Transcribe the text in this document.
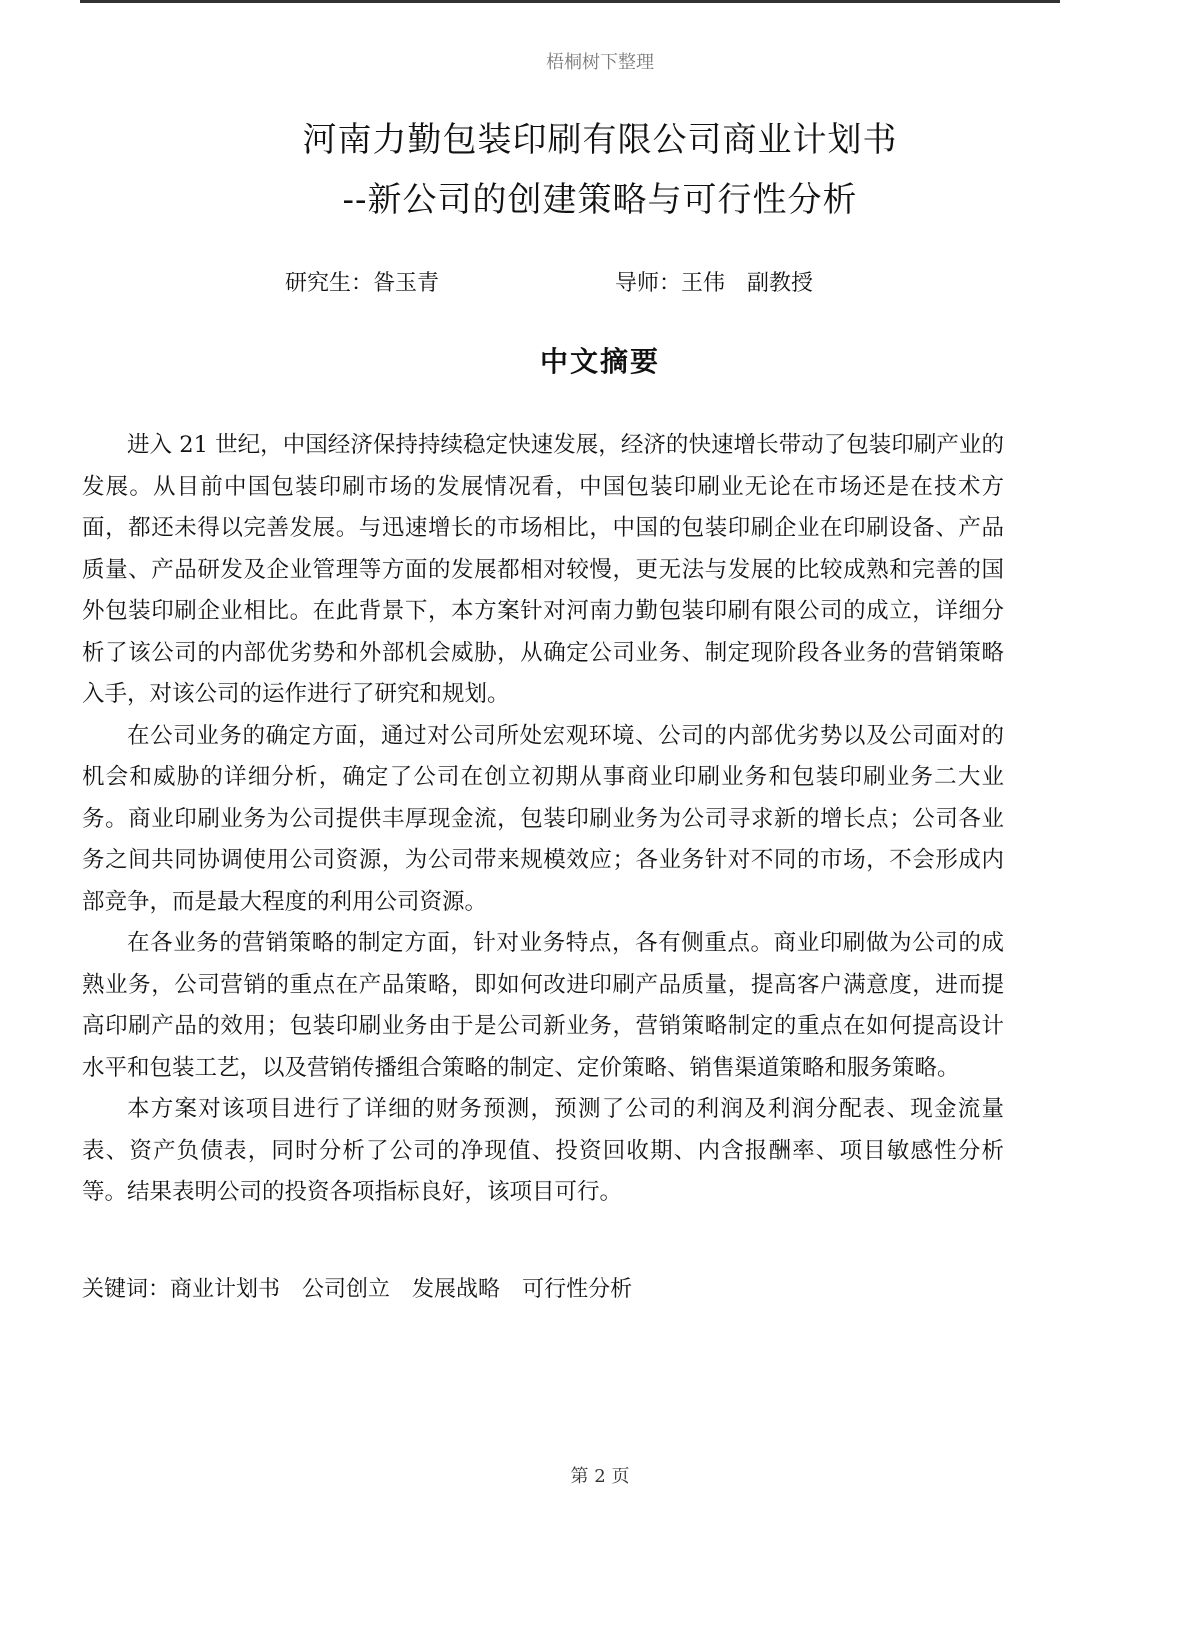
梧桐树下整理
河南力勤包装印刷有限公司商业计划书
--新公司的创建策略与可行性分析
研究生：昝玉青	导师：王伟　副教授
中文摘要

进入 21 世纪，中国经济保持持续稳定快速发展，经济的快速增长带动了包装印刷产业的发展。从目前中国包装印刷市场的发展情况看，中国包装印刷业无论在市场还是在技术方面，都还未得以完善发展。与迅速增长的市场相比，中国的包装印刷企业在印刷设备、产品质量、产品研发及企业管理等方面的发展都相对较慢，更无法与发展的比较成熟和完善的国外包装印刷企业相比。在此背景下，本方案针对河南力勤包装印刷有限公司的成立，详细分析了该公司的内部优劣势和外部机会威胁，从确定公司业务、制定现阶段各业务的营销策略入手，对该公司的运作进行了研究和规划。

在公司业务的确定方面，通过对公司所处宏观环境、公司的内部优劣势以及公司面对的机会和威胁的详细分析，确定了公司在创立初期从事商业印刷业务和包装印刷业务二大业务。商业印刷业务为公司提供丰厚现金流，包装印刷业务为公司寻求新的增长点；公司各业务之间共同协调使用公司资源，为公司带来规模效应；各业务针对不同的市场，不会形成内部竞争，而是最大程度的利用公司资源。

在各业务的营销策略的制定方面，针对业务特点，各有侧重点。商业印刷做为公司的成熟业务，公司营销的重点在产品策略，即如何改进印刷产品质量，提高客户满意度，进而提高印刷产品的效用；包装印刷业务由于是公司新业务，营销策略制定的重点在如何提高设计水平和包装工艺，以及营销传播组合策略的制定、定价策略、销售渠道策略和服务策略。

本方案对该项目进行了详细的财务预测，预测了公司的利润及利润分配表、现金流量表、资产负债表，同时分析了公司的净现值、投资回收期、内含报酬率、项目敏感性分析等。结果表明公司的投资各项指标良好，该项目可行。

关键词：商业计划书 公司创立 发展战略 可行性分析
第 2 页
